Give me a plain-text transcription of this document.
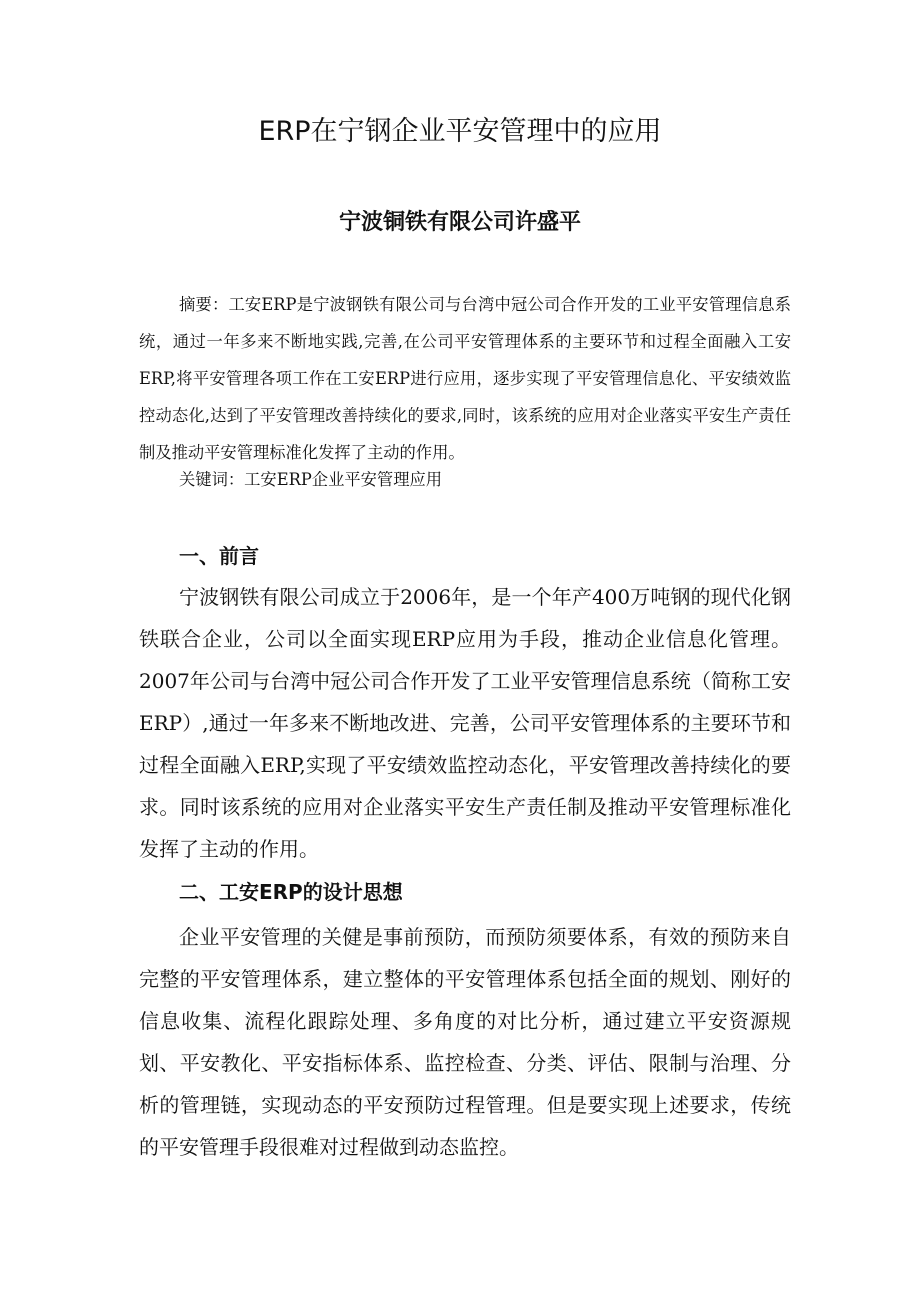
ERP在宁钢企业平安管理中的应用
宁波铜铁有限公司许盛平

摘要：工安ERP是宁波钢铁有限公司与台湾中冠公司合作开发的工业平安管理信息系统，通过一年多来不断地实践,完善,在公司平安管理体系的主要环节和过程全面融入工安ERP,将平安管理各项工作在工安ERP进行应用，逐步实现了平安管理信息化、平安绩效监控动态化,达到了平安管理改善持续化的要求,同时，该系统的应用对企业落实平安生产责任制及推动平安管理标准化发挥了主动的作用。

关键词：工安ERP企业平安管理应用

一、前言

宁波钢铁有限公司成立于2006年，是一个年产400万吨钢的现代化钢铁联合企业，公司以全面实现ERP应用为手段，推动企业信息化管理。2007年公司与台湾中冠公司合作开发了工业平安管理信息系统（简称工安ERP）,通过一年多来不断地改进、完善，公司平安管理体系的主要环节和过程全面融入ERP,实现了平安绩效监控动态化，平安管理改善持续化的要求。同时该系统的应用对企业落实平安生产责任制及推动平安管理标准化发挥了主动的作用。

二、工安ERP的设计思想

企业平安管理的关健是事前预防，而预防须要体系，有效的预防来自完整的平安管理体系，建立整体的平安管理体系包括全面的规划、刚好的信息收集、流程化跟踪处理、多角度的对比分析，通过建立平安资源规划、平安教化、平安指标体系、监控检查、分类、评估、限制与治理、分析的管理链，实现动态的平安预防过程管理。但是要实现上述要求，传统的平安管理手段很难对过程做到动态监控。
